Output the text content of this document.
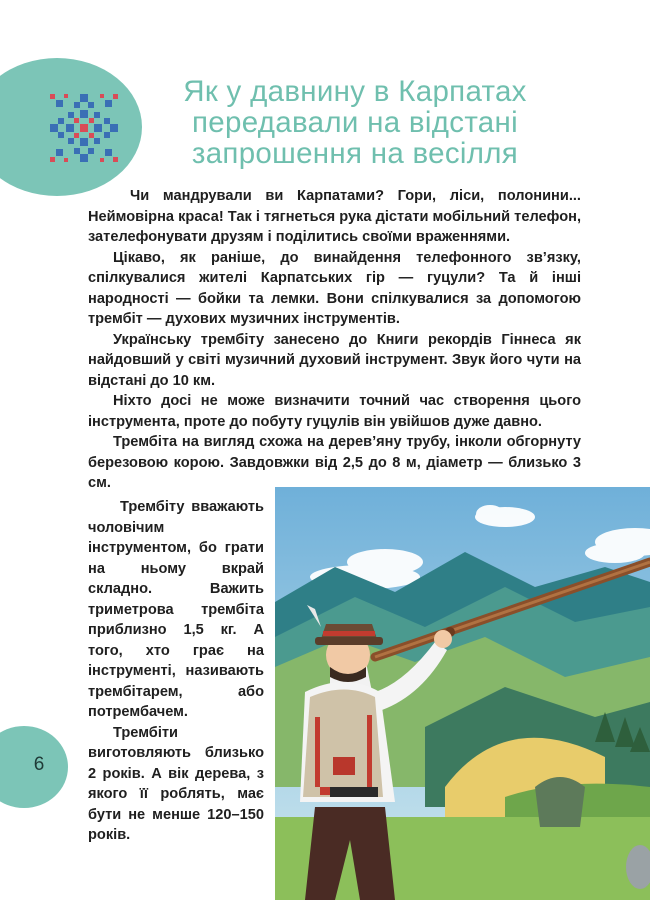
Як у давнину в Карпатах
передавали на відстані
запрошення на весілля

Чи мандрували ви Карпатами? Гори, ліси, полонини... Неймовірна краса! Так і тягнеться рука дістати мобільний телефон, зателефонувати друзям і поділитись своїми враженнями.

Цікаво, як раніше, до винайдення телефонного зв’язку, спілкувалися жителі Карпатських гір — гуцули? Та й інші народності — бойки та лемки. Вони спілкувалися за допомогою трембіт — духових музичних інструментів.

Українську трембіту занесено до Книги рекордів Гіннеса як найдовший у світі музичний духовий інструмент. Звук його чути на відстані до 10 км.

Ніхто досі не може визначити точний час створення цього інструмента, проте до побуту гуцулів він увійшов дуже давно.

Трембіта на вигляд схожа на дерев’яну трубу, інколи обгорнуту березовою корою. Завдовжки від 2,5 до 8 м, діаметр — близько 3 см.

Трембіту вважають чоловічим інструментом, бо грати на ньому вкрай складно. Важить триметрова трембіта приблизно 1,5 кг. А того, хто грає на інструменті, називають трембітарем, або потрембачем.

Трембіти виготовляють близько 2 років. А вік дерева, з якого її роблять, має бути не менше 120–150 років.

6
